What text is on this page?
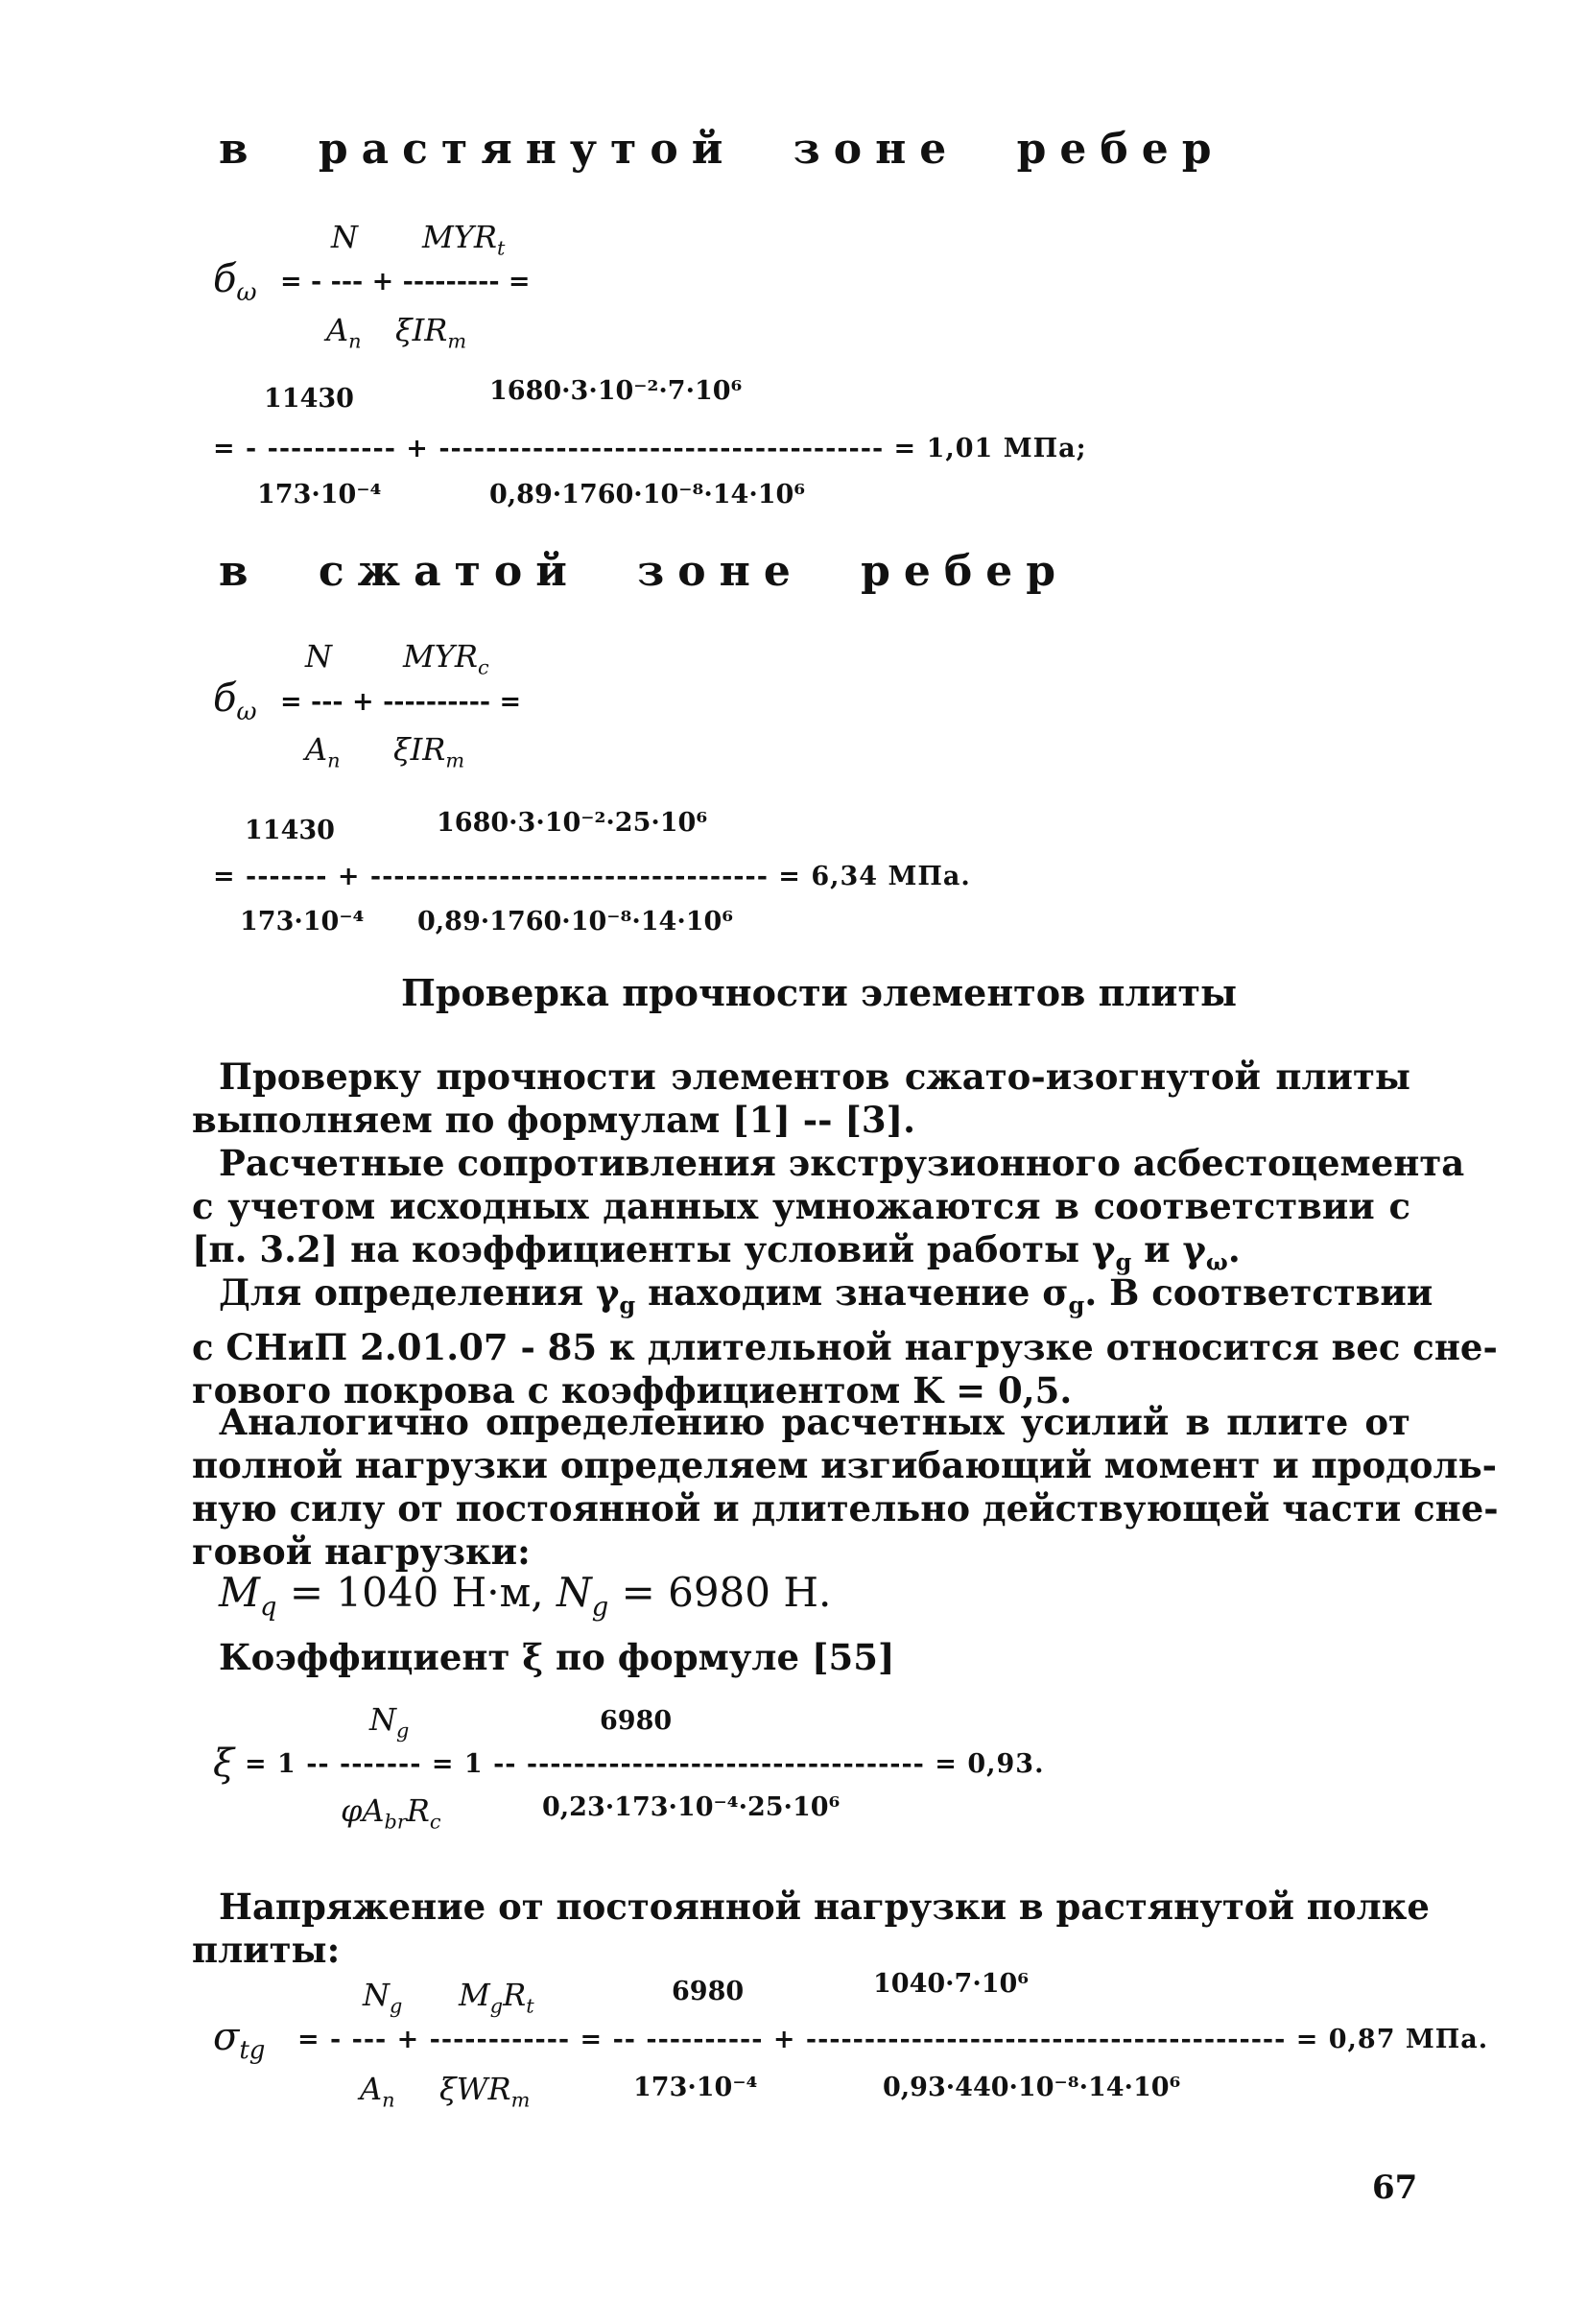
в растянутой зоне ребер
N $MYR_t$
$б_\omega$ = - --- + --------- =
$A_n$ ξIR$_m$
11430	1680·3·10⁻²·7·10⁶
= - ----------- + -------------------------------------- = 1,01 МПа;
173·10⁻⁴	0,89·1760·10⁻⁸·14·10⁶
в сжатой зоне ребер
N $MYR_c$
$б_\omega$ = --- + ---------- =
$A_n$ ξIR$_m$
11430	1680·3·10⁻²·25·10⁶
= ------- + ---------------------------------- = 6,34 МПа.
173·10⁻⁴ 0,89·1760·10⁻⁸·14·10⁶
Проверка прочности элементов плиты
Проверку прочности элементов сжато-изогнутой плиты
выполняем по формулам [1] -- [3].
Расчетные сопротивления экструзионного асбестоцемента
с учетом исходных данных умножаются в соответствии с
[п. 3.2] на коэффициенты условий работы $\gamma_g$ и $\gamma_\omega$.
Для определения $\gamma_g$ находим значение $\sigma_g$. В соответствии
с СНиП 2.01.07 - 85 к длительной нагрузке относится вес сне-
гового покрова с коэффициентом K = 0,5.
Аналогично определению расчетных усилий в плите от
полной нагрузки определяем изгибающий момент и продоль-
ную силу от постоянной и длительно действующей части сне-
говой нагрузки:
$M_q = 1040$ Н·м, $N_g = 6980$ Н.
Коэффициент ξ по формуле [55]
$N_g$	6980
ξ = 1 -- ------- = 1 -- ---------------------------------- = 0,93.
$\varphi A_{br}R_c$	0,23·173·10⁻⁴·25·10⁶
Напряжение от постоянной нагрузки в растянутой полке
плиты:
$N_g$ $M_gR_t$	6980	1040·7·10⁶
$\sigma_{tg}$ = - --- + ------------ = -- ---------- + ----------------------------------------- = 0,87 МПа.
$A_n$ ξWR$_m$	173·10⁻⁴	0,93·440·10⁻⁸·14·10⁶
67
